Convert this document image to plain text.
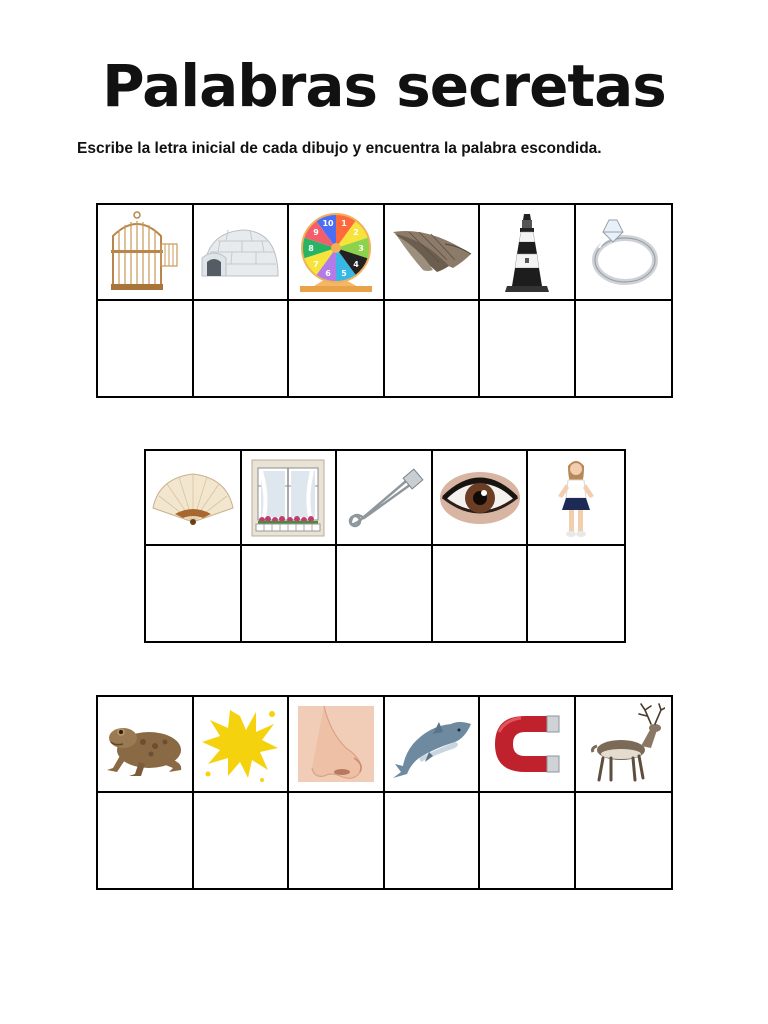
Palabras secretas
Escribe la letra inicial de cada dibujo y encuentra la palabra escondida.
1
2
3
4
5
6
7
8
9
10
